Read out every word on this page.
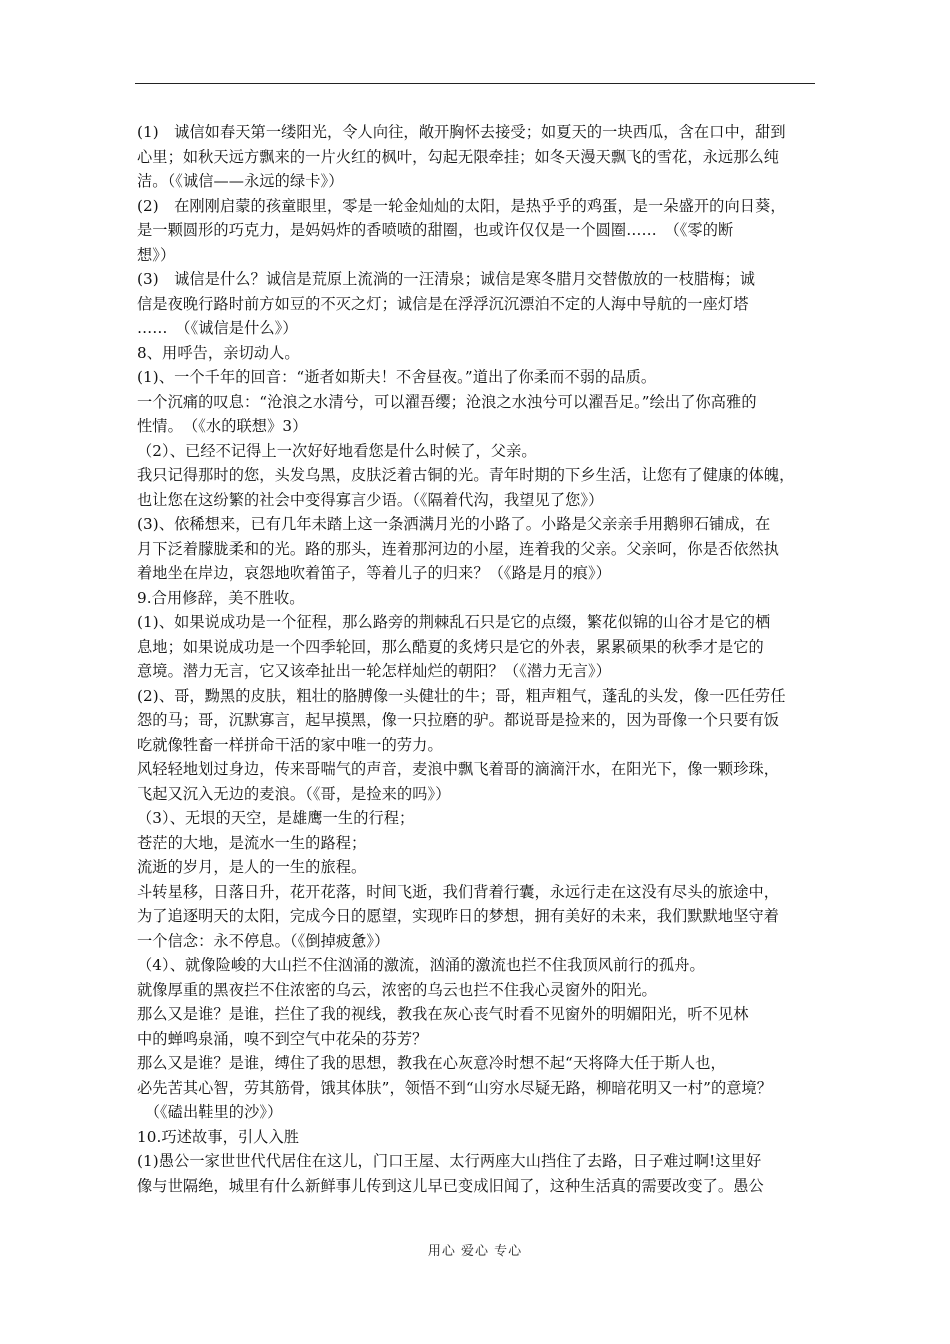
(1)　诚信如春天第一缕阳光，令人向往，敞开胸怀去接受；如夏天的一块西瓜，含在口中，甜到
心里；如秋天远方飘来的一片火红的枫叶，勾起无限牵挂；如冬天漫天飘飞的雪花，永远那么纯
洁。（《诚信——永远的绿卡》）
(2)　在刚刚启蒙的孩童眼里，零是一轮金灿灿的太阳，是热乎乎的鸡蛋，是一朵盛开的向日葵，
是一颗圆形的巧克力，是妈妈炸的香喷喷的甜圈，也或许仅仅是一个圆圈……　（《零的断
想》）
(3)　诚信是什么？诚信是荒原上流淌的一汪清泉；诚信是寒冬腊月交替傲放的一枝腊梅；诚
信是夜晚行路时前方如豆的不灭之灯；诚信是在浮浮沉沉漂泊不定的人海中导航的一座灯塔
……　（《诚信是什么》）
8、用呼告，亲切动人。
(1)、一个千年的回音：“逝者如斯夫！不舍昼夜。”道出了你柔而不弱的品质。
一个沉痛的叹息：“沧浪之水清兮，可以濯吾缨；沧浪之水浊兮可以濯吾足。”绘出了你高雅的
性情。　（《水的联想》3）
（2）、已经不记得上一次好好地看您是什么时候了，父亲。
我只记得那时的您，头发乌黑，皮肤泛着古铜的光。青年时期的下乡生活，让您有了健康的体魄，
也让您在这纷繁的社会中变得寡言少语。（《隔着代沟，我望见了您》）
(3)、依稀想来，已有几年未踏上这一条洒满月光的小路了。小路是父亲亲手用鹅卵石铺成，在
月下泛着朦胧柔和的光。路的那头，连着那河边的小屋，连着我的父亲。父亲呵，你是否依然执
着地坐在岸边，哀怨地吹着笛子，等着儿子的归来？（《路是月的痕》）
9.合用修辞，美不胜收。
(1)、如果说成功是一个征程，那么路旁的荆棘乱石只是它的点缀，繁花似锦的山谷才是它的栖
息地；如果说成功是一个四季轮回，那么酷夏的炙烤只是它的外表，累累硕果的秋季才是它的
意境。潜力无言，它又该牵扯出一轮怎样灿烂的朝阳？（《潜力无言》）
(2)、哥，黝黑的皮肤，粗壮的胳膊像一头健壮的牛；哥，粗声粗气，蓬乱的头发，像一匹任劳任
怨的马；哥，沉默寡言，起早摸黑，像一只拉磨的驴。都说哥是捡来的，因为哥像一个只要有饭
吃就像牲畜一样拼命干活的家中唯一的劳力。
风轻轻地划过身边，传来哥喘气的声音，麦浪中飘飞着哥的滴滴汗水，在阳光下，像一颗珍珠，
飞起又沉入无边的麦浪。（《哥，是捡来的吗》）
（3）、无垠的天空，是雄鹰一生的行程；
苍茫的大地，是流水一生的路程；
流逝的岁月，是人的一生的旅程。
斗转星移，日落日升，花开花落，时间飞逝，我们背着行囊，永远行走在这没有尽头的旅途中，
为了追逐明天的太阳，完成今日的愿望，实现昨日的梦想，拥有美好的未来，我们默默地坚守着
一个信念：永不停息。（《倒掉疲惫》）
（4）、就像险峻的大山拦不住汹涌的激流，汹涌的激流也拦不住我顶风前行的孤舟。
就像厚重的黑夜拦不住浓密的乌云，浓密的乌云也拦不住我心灵窗外的阳光。
那么又是谁？是谁，拦住了我的视线，教我在灰心丧气时看不见窗外的明媚阳光，听不见林
中的蝉鸣泉涌，嗅不到空气中花朵的芬芳？
那么又是谁？是谁，缚住了我的思想，教我在心灰意冷时想不起“天将降大任于斯人也，
必先苦其心智，劳其筋骨，饿其体肤”，领悟不到“山穷水尽疑无路，柳暗花明又一村”的意境？
　（《磕出鞋里的沙》）
10.巧述故事，引人入胜
(1)愚公一家世世代代居住在这儿，门口王屋、太行两座大山挡住了去路，日子难过啊!这里好
像与世隔绝，城里有什么新鲜事儿传到这儿早已变成旧闻了，这种生活真的需要改变了。愚公
用心 爱心 专心
